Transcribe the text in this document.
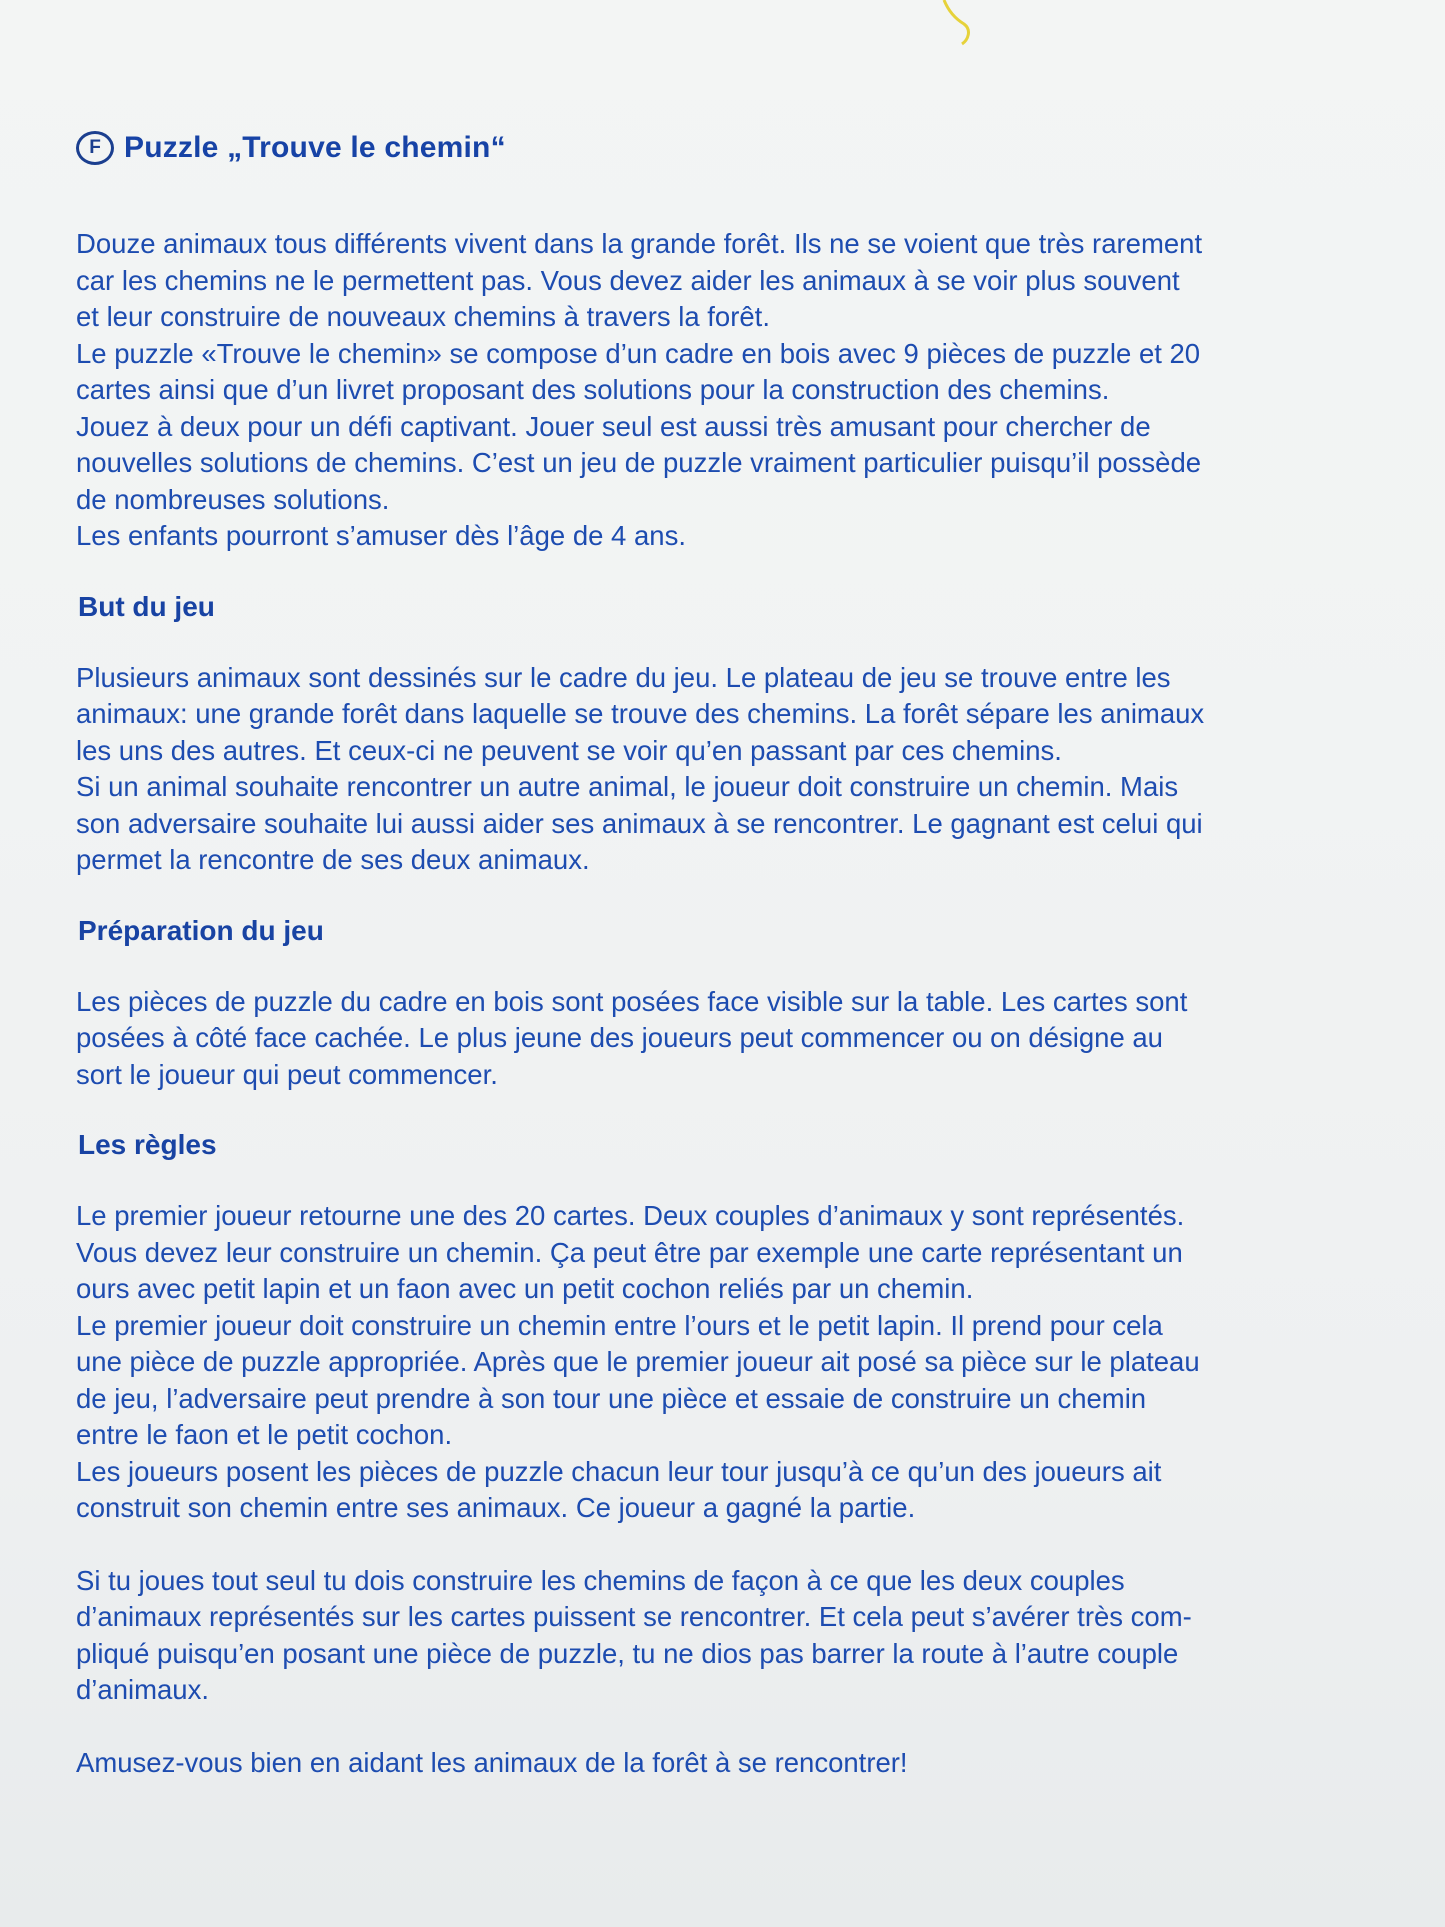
F Puzzle „Trouve le chemin“

Douze animaux tous différents vivent dans la grande forêt. Ils ne se voient que très rarement
car les chemins ne le permettent pas. Vous devez aider les animaux à se voir plus souvent
et leur construire de nouveaux chemins à travers la forêt.
Le puzzle «Trouve le chemin» se compose d’un cadre en bois avec 9 pièces de puzzle et 20
cartes ainsi que d’un livret proposant des solutions pour la construction des chemins.
Jouez à deux pour un défi captivant. Jouer seul est aussi très amusant pour chercher de
nouvelles solutions de chemins. C’est un jeu de puzzle vraiment particulier puisqu’il possède
de nombreuses solutions.
Les enfants pourront s’amuser dès l’âge de 4 ans.

But du jeu

Plusieurs animaux sont dessinés sur le cadre du jeu. Le plateau de jeu se trouve entre les
animaux: une grande forêt dans laquelle se trouve des chemins. La forêt sépare les animaux
les uns des autres. Et ceux-ci ne peuvent se voir qu’en passant par ces chemins.
Si un animal souhaite rencontrer un autre animal, le joueur doit construire un chemin. Mais
son adversaire souhaite lui aussi aider ses animaux à se rencontrer. Le gagnant est celui qui
permet la rencontre de ses deux animaux.

Préparation du jeu

Les pièces de puzzle du cadre en bois sont posées face visible sur la table. Les cartes sont
posées à côté face cachée. Le plus jeune des joueurs peut commencer ou on désigne au
sort le joueur qui peut commencer.

Les règles

Le premier joueur retourne une des 20 cartes. Deux couples d’animaux y sont représentés.
Vous devez leur construire un chemin. Ça peut être par exemple une carte représentant un
ours avec petit lapin et un faon avec un petit cochon reliés par un chemin.
Le premier joueur doit construire un chemin entre l’ours et le petit lapin. Il prend pour cela
une pièce de puzzle appropriée. Après que le premier joueur ait posé sa pièce sur le plateau
de jeu, l’adversaire peut prendre à son tour une pièce et essaie de construire un chemin
entre le faon et le petit cochon.
Les joueurs posent les pièces de puzzle chacun leur tour jusqu’à ce qu’un des joueurs ait
construit son chemin entre ses animaux. Ce joueur a gagné la partie.

Si tu joues tout seul tu dois construire les chemins de façon à ce que les deux couples
d’animaux représentés sur les cartes puissent se rencontrer. Et cela peut s’avérer très com-
pliqué puisqu’en posant une pièce de puzzle, tu ne dios pas barrer la route à l’autre couple
d’animaux.

Amusez-vous bien en aidant les animaux de la forêt à se rencontrer!
